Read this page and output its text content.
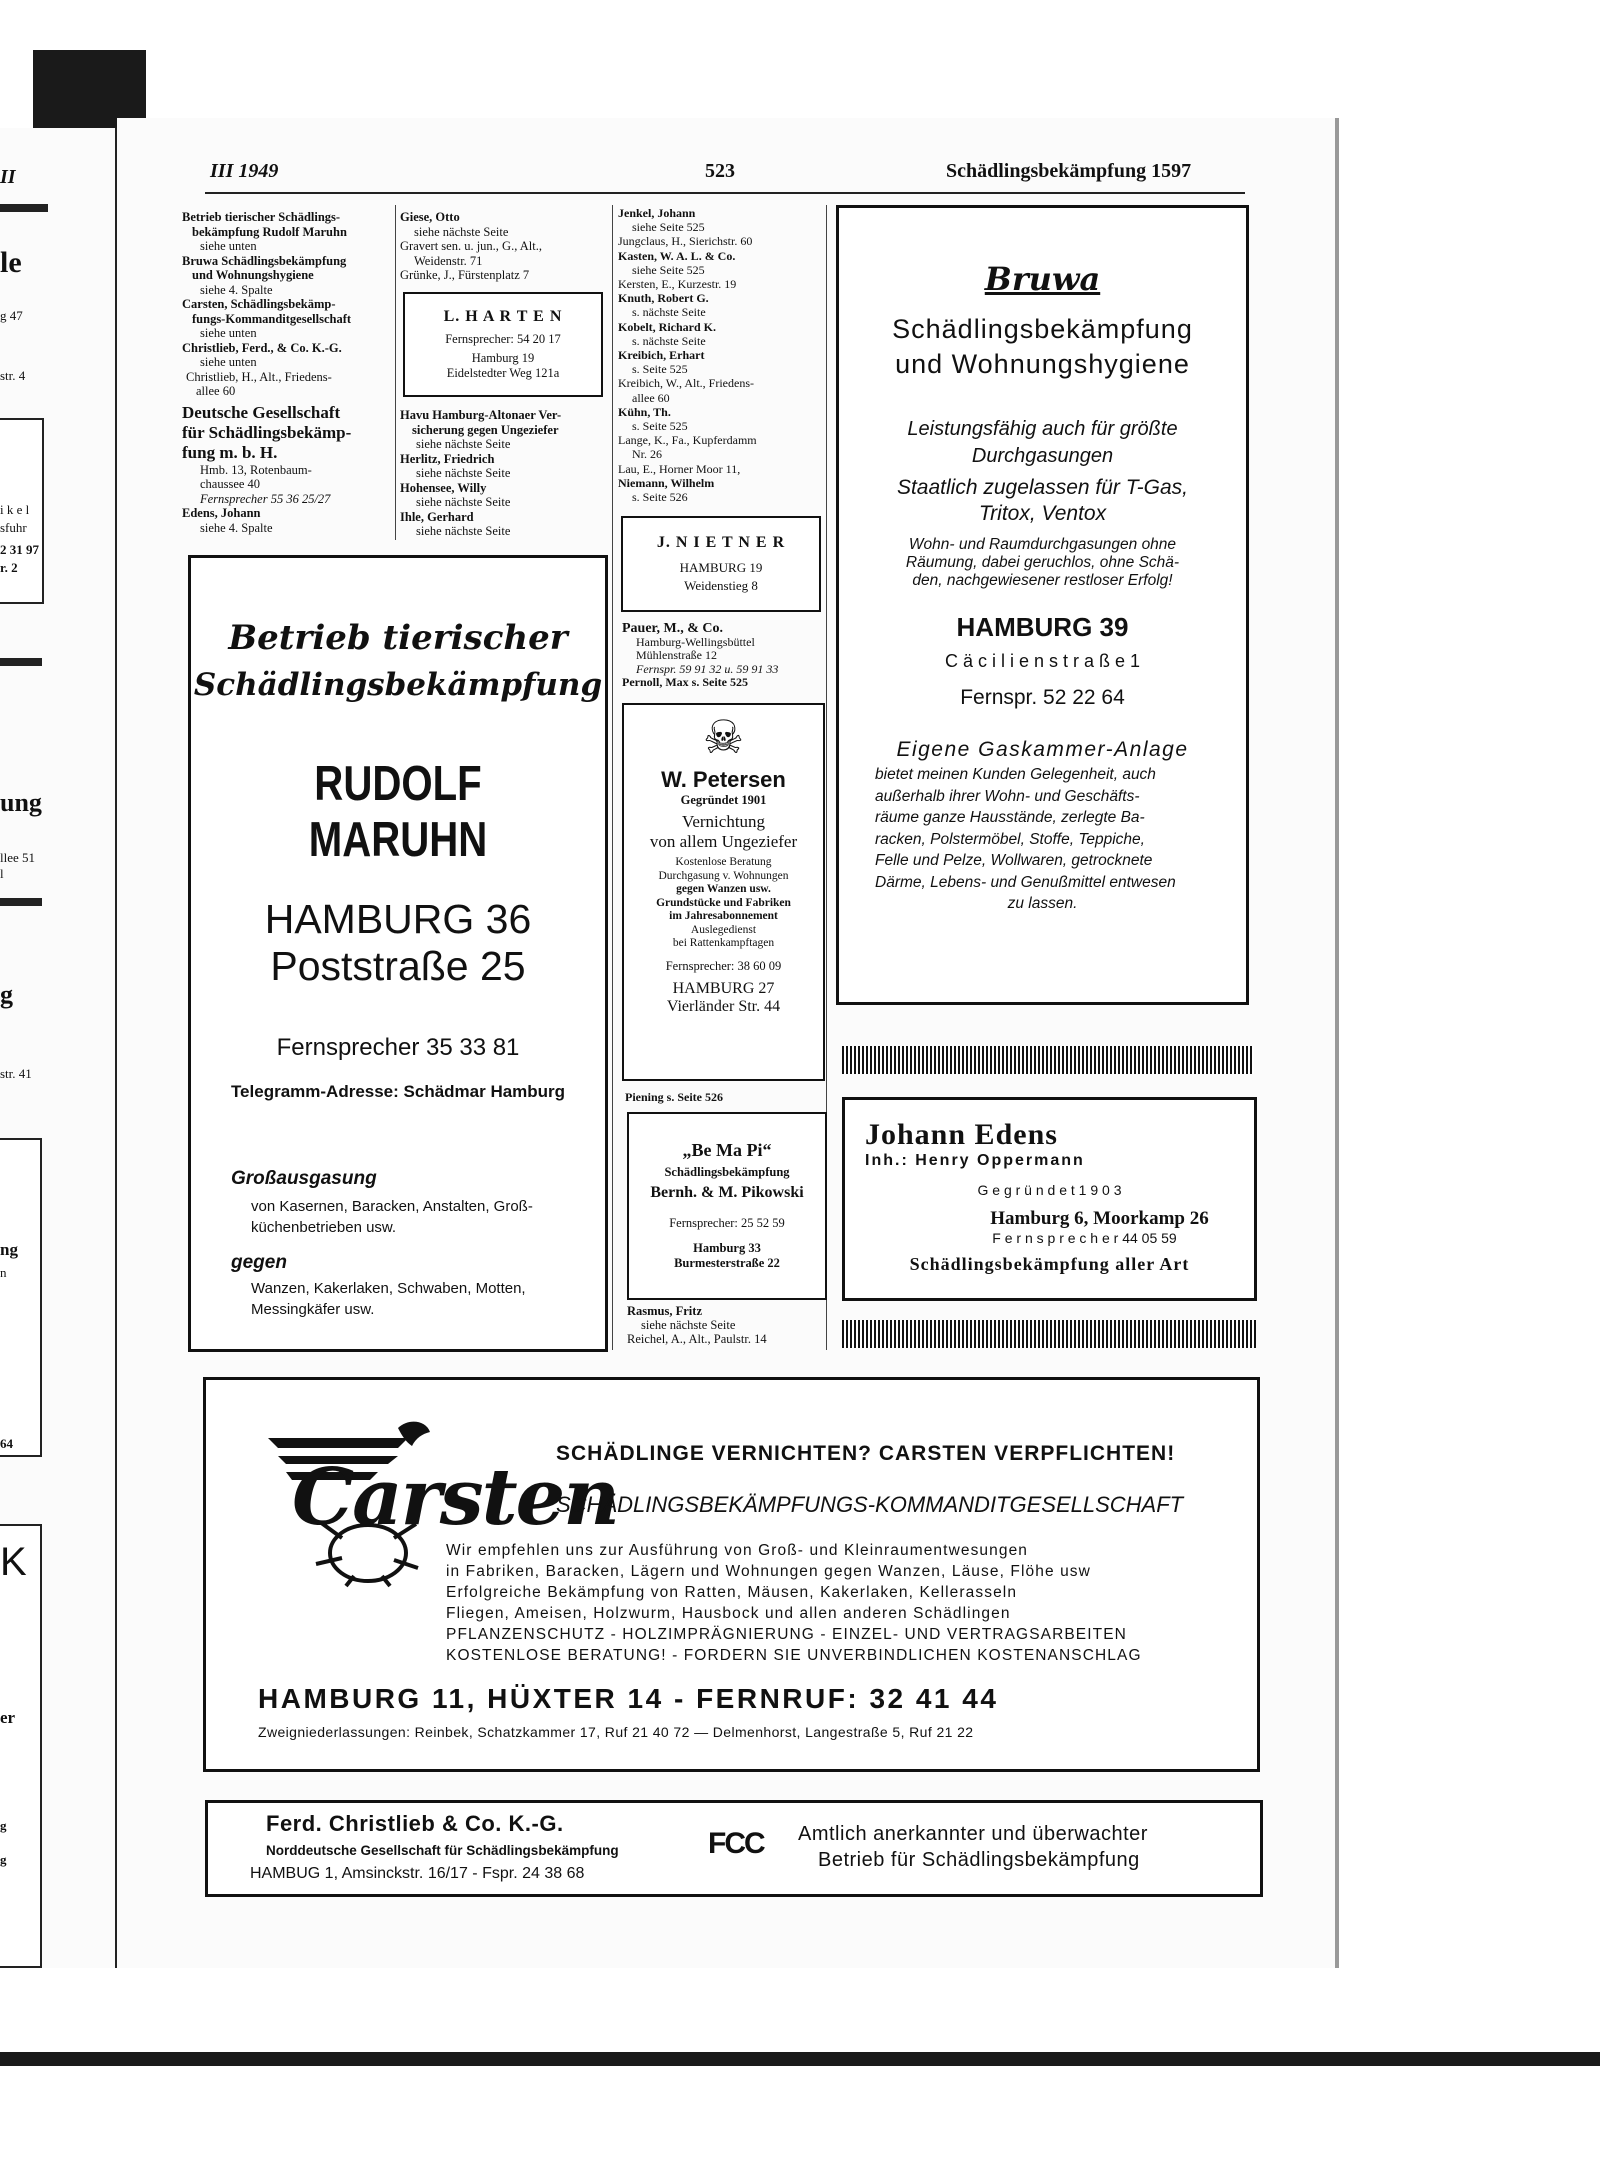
II
le
g 47
str. 4
i k e l
sfuhr
2 31 97
r. 2
ung
llee 51
l
g
str. 41
ng
n
64
K
er
g
g
III 1949	523	Schädlingsbekämpfung 1597

Betrieb tierischer Schädlings-

bekämpfung Rudolf Maruhn

siehe unten

Bruwa Schädlingsbekämpfung

und Wohnungshygiene

siehe 4. Spalte

Carsten, Schädlingsbekämp-

fungs-Kommanditgesellschaft

siehe unten

Christlieb, Ferd., & Co. K.-G.

siehe unten

Christlieb, H., Alt., Friedens-

allee 60

Deutsche Gesellschaft

für Schädlingsbekämp-

fung m. b. H.

Hmb. 13, Rotenbaum-

chaussee 40

Fernsprecher 55 36 25/27

Edens, Johann

siehe 4. Spalte

Giese, Otto

siehe nächste Seite

Gravert sen. u. jun., G., Alt.,

Weidenstr. 71

Grünke, J., Fürstenplatz 7

L. H A R T E N
Fernsprecher: 54 20 17
Hamburg 19
Eidelstedter Weg 121a

Havu Hamburg-Altonaer Ver-

sicherung gegen Ungeziefer

siehe nächste Seite

Herlitz, Friedrich

siehe nächste Seite

Hohensee, Willy

siehe nächste Seite

Ihle, Gerhard

siehe nächste Seite

Jenkel, Johann

siehe Seite 525

Jungclaus, H., Sierichstr. 60

Kasten, W. A. L. & Co.

siehe Seite 525

Kersten, E., Kurzestr. 19

Knuth, Robert G.

s. nächste Seite

Kobelt, Richard K.

s. nächste Seite

Kreibich, Erhart

s. Seite 525

Kreibich, W., Alt., Friedens-

allee 60

Kühn, Th.

s. Seite 525

Lange, K., Fa., Kupferdamm

Nr. 26

Lau, E., Horner Moor 11,

Niemann, Wilhelm

s. Seite 526

J. N I E T N E R
HAMBURG 19
Weidenstieg 8

Pauer, M., & Co.

Hamburg-Wellingsbüttel

Mühlenstraße 12

Fernspr. 59 91 32 u. 59 91 33

Pernoll, Max s. Seite 525

☠
W. Petersen
Gegründet 1901
Vernichtung
von allem Ungeziefer
Kostenlose Beratung
Durchgasung v. Wohnungen
gegen Wanzen usw.
Grundstücke und Fabriken
im Jahresabonnement
Auslegedienst
bei Rattenkampftagen
Fernsprecher: 38 60 09
HAMBURG 27
Vierländer Str. 44
Piening s. Seite 526
„Be Ma Pi“
Schädlingsbekämpfung
Bernh. & M. Pikowski
Fernsprecher: 25 52 59
Hamburg 33
Burmesterstraße 22

Rasmus, Fritz

siehe nächste Seite

Reichel, A., Alt., Paulstr. 14

Bruwa
Schädlingsbekämpfung
und Wohnungshygiene
Leistungsfähig auch für größte
Durchgasungen
Staatlich zugelassen für T-Gas,
Tritox, Ventox
Wohn- und Raumdurchgasungen ohne
Räumung, dabei geruchlos, ohne Schä-
den, nachgewiesener restloser Erfolg!
HAMBURG 39
C ä c i l i e n s t r a ß e 1
Fernspr. 52 22 64
Eigene Gaskammer-Anlage
bietet meinen Kunden Gelegenheit, auch
außerhalb ihrer Wohn- und Geschäfts-
räume ganze Hausstände, zerlegte Ba-
racken, Polstermöbel, Stoffe, Teppiche,
Felle und Pelze, Wollwaren, getrocknete
Därme, Lebens- und Genußmittel entwesen
zu lassen.
Johann Edens
Inh.: Henry Oppermann
G e g r ü n d e t 1 9 0 3
Hamburg 6, Moorkamp 26
F e r n s p r e c h e r 44 05 59
Schädlingsbekämpfung aller Art
Betrieb tierischer
Schädlingsbekämpfung
RUDOLF MARUHN
HAMBURG 36
Poststraße 25
Fernsprecher 35 33 81
Telegramm-Adresse: Schädmar Hamburg
Großausgasung
von Kasernen, Baracken, Anstalten, Groß-
küchenbetrieben usw.
gegen
Wanzen, Kakerlaken, Schwaben, Motten,
Messingkäfer usw.
Carsten
SCHÄDLINGE VERNICHTEN? CARSTEN VERPFLICHTEN!
SCHÄDLINGSBEKÄMPFUNGS-KOMMANDITGESELLSCHAFT
Wir empfehlen uns zur Ausführung von Groß- und Kleinraumentwesungen
in Fabriken, Baracken, Lägern und Wohnungen gegen Wanzen, Läuse, Flöhe usw
Erfolgreiche Bekämpfung von Ratten, Mäusen, Kakerlaken, Kellerasseln
Fliegen, Ameisen, Holzwurm, Hausbock und allen anderen Schädlingen
PFLANZENSCHUTZ - HOLZIMPRÄGNIERUNG - EINZEL- UND VERTRAGSARBEITEN
KOSTENLOSE BERATUNG! - FORDERN SIE UNVERBINDLICHEN KOSTENANSCHLAG
HAMBURG 11, HÜXTER 14 - FERNRUF: 32 41 44
Zweigniederlassungen: Reinbek, Schatzkammer 17, Ruf 21 40 72 — Delmenhorst, Langestraße 5, Ruf 21 22
Ferd. Christlieb & Co. K.-G.
Norddeutsche Gesellschaft für Schädlingsbekämpfung
HAMBUG 1, Amsinckstr. 16/17 - Fspr. 24 38 68
FCC Amtlich anerkannter und überwachter
Betrieb für Schädlingsbekämpfung
